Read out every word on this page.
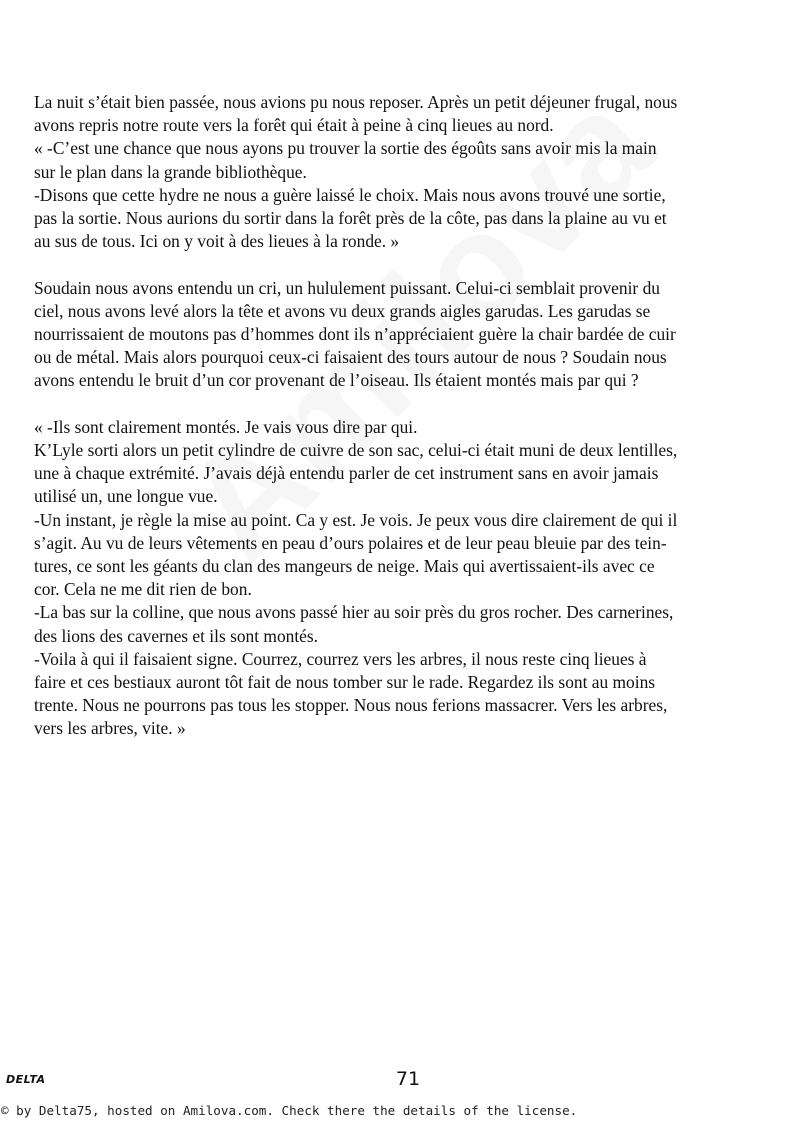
La nuit s’était bien passée, nous avions pu nous reposer. Après un petit déjeuner frugal, nous
avons repris notre route vers la forêt qui était à peine à cinq lieues au nord.
« -C’est une chance que nous ayons pu trouver la sortie des égoûts sans avoir mis la main
sur le plan dans la grande bibliothèque.
-Disons que cette hydre ne nous a guère laissé le choix. Mais nous avons trouvé une sortie,
pas la sortie. Nous aurions du sortir dans la forêt près de la côte, pas dans la plaine au vu et
au sus de tous. Ici on y voit à des lieues à la ronde. »
Soudain nous avons entendu un cri, un hululement puissant. Celui-ci semblait provenir du
ciel, nous avons levé alors la tête et avons vu deux grands aigles garudas. Les garudas se
nourrissaient de moutons pas d’hommes dont ils n’appréciaient guère la chair bardée de cuir
ou de métal. Mais alors pourquoi ceux-ci faisaient des tours autour de nous ? Soudain nous
avons entendu le bruit d’un cor provenant de l’oiseau. Ils étaient montés mais par qui ?
« -Ils sont clairement montés. Je vais vous dire par qui.
K’Lyle sorti alors un petit cylindre de cuivre de son sac, celui-ci était muni de deux lentilles,
une à chaque extrémité. J’avais déjà entendu parler de cet instrument sans en avoir jamais
utilisé un, une longue vue.
-Un instant, je règle la mise au point. Ca y est. Je vois. Je peux vous dire clairement de qui il
s’agit. Au vu de leurs vêtements en peau d’ours polaires et de leur peau bleuie par des tein-
tures, ce sont les géants du clan des mangeurs de neige. Mais qui avertissaient-ils avec ce
cor. Cela ne me dit rien de bon.
-La bas sur la colline, que nous avons passé hier au soir près du gros rocher. Des carnerines,
des lions des cavernes et ils sont montés.
-Voila à qui il faisaient signe. Courrez, courrez vers les arbres, il nous reste cinq lieues à
faire et ces bestiaux auront tôt fait de nous tomber sur le rade. Regardez ils sont au moins
trente. Nous ne pourrons pas tous les stopper. Nous nous ferions massacrer. Vers les arbres,
vers les arbres, vite. »
DELTA	71
© by Delta75, hosted on Amilova.com. Check there the details of the license.
